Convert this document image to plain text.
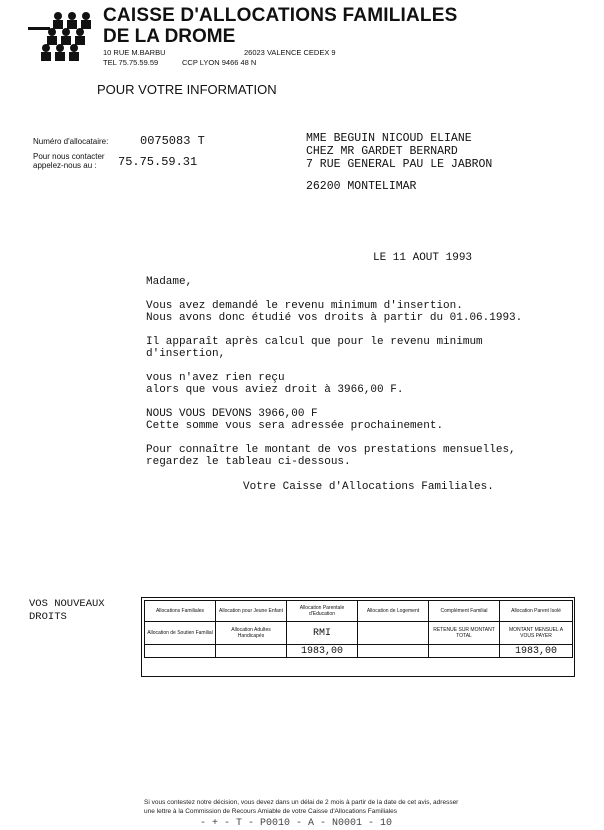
CAISSE D'ALLOCATIONS FAMILIALES
DE LA DROME
10 RUE M.BARBU	26023 VALENCE CEDEX 9
TEL 75.75.59.59	CCP LYON 9466 48 N
POUR VOTRE INFORMATION
Numéro d'allocataire:	0075083 T
Pour nous contacter
appelez-nous au : 75.75.59.31
MME BEGUIN NICOUD ELIANE
CHEZ MR GARDET BERNARD
7 RUE GENERAL PAU LE JABRON
26200 MONTELIMAR
LE 11 AOUT 1993
Madame,
Vous avez demandé le revenu minimum d'insertion.
Nous avons donc étudié vos droits à partir du 01.06.1993.
Il apparaît après calcul que pour le revenu minimum
d'insertion,
vous n'avez rien reçu
alors que vous aviez droit à 3966,00 F.
NOUS VOUS DEVONS 3966,00 F
Cette somme vous sera adressée prochainement.
Pour connaître le montant de vos prestations mensuelles,
regardez le tableau ci-dessous.
Votre Caisse d'Allocations Familiales.
VOS NOUVEAUX
DROITS	Allocations Familiales	Allocation pour Jeune Enfant	Allocation Parentale d'Education	Allocation de Logement	Complément Familial	Allocation Parent Isolé
Allocation de Soutien Familial	Allocation Adultes Handicapés	RMI		RETENUE SUR MONTANT TOTAL	MONTANT MENSUEL A VOUS PAYER
		1983,00			1983,00
Si vous contestez notre décision, vous devez dans un délai de 2 mois à partir de la date de cet avis, adresser
une lettre à la Commission de Recours Amiable de votre Caisse d'Allocations Familiales
- + - T - P0010 - A - N0001 - 10
